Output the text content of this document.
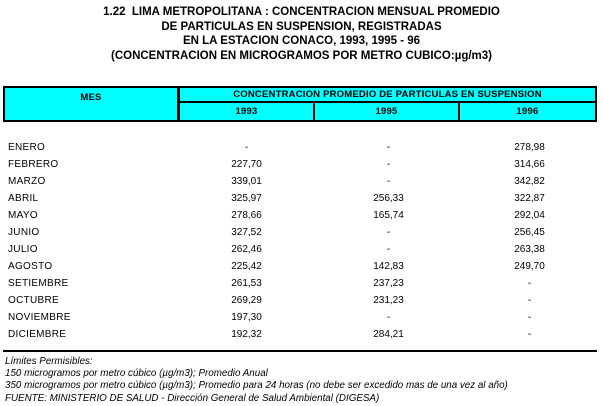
1.22  LIMA METROPOLITANA : CONCENTRACION MENSUAL PROMEDIO
DE PARTICULAS EN SUSPENSION, REGISTRADAS
EN LA ESTACION CONACO, 1993, 1995 - 96
(CONCENTRACION EN MICROGRAMOS POR METRO CUBICO:µg/m3)
MES	CONCENTRACION PROMEDIO DE PARTICULAS EN SUSPENSION
1993	1995	1996
ENERO	-	-	278,98
FEBRERO	227,70	-	314,66
MARZO	339,01	-	342,82
ABRIL	325,97	256,33	322,87
MAYO	278,66	165,74	292,04
JUNIO	327,52	-	256,45
JULIO	262,46	-	263,38
AGOSTO	225,42	142,83	249,70
SETIEMBRE	261,53	237,23	-
OCTUBRE	269,29	231,23	-
NOVIEMBRE	197,30	-	-
DICIEMBRE	192,32	284,21	-
Límites Permisibles:
150 microgramos por metro cúbico (µg/m3); Promedio Anual
350 microgramos por metro cúbico (µg/m3); Promedio para 24 horas (no debe ser excedido mas de una vez al año)
FUENTE: MINISTERIO DE SALUD - Dirección General de Salud Ambiental (DIGESA)
